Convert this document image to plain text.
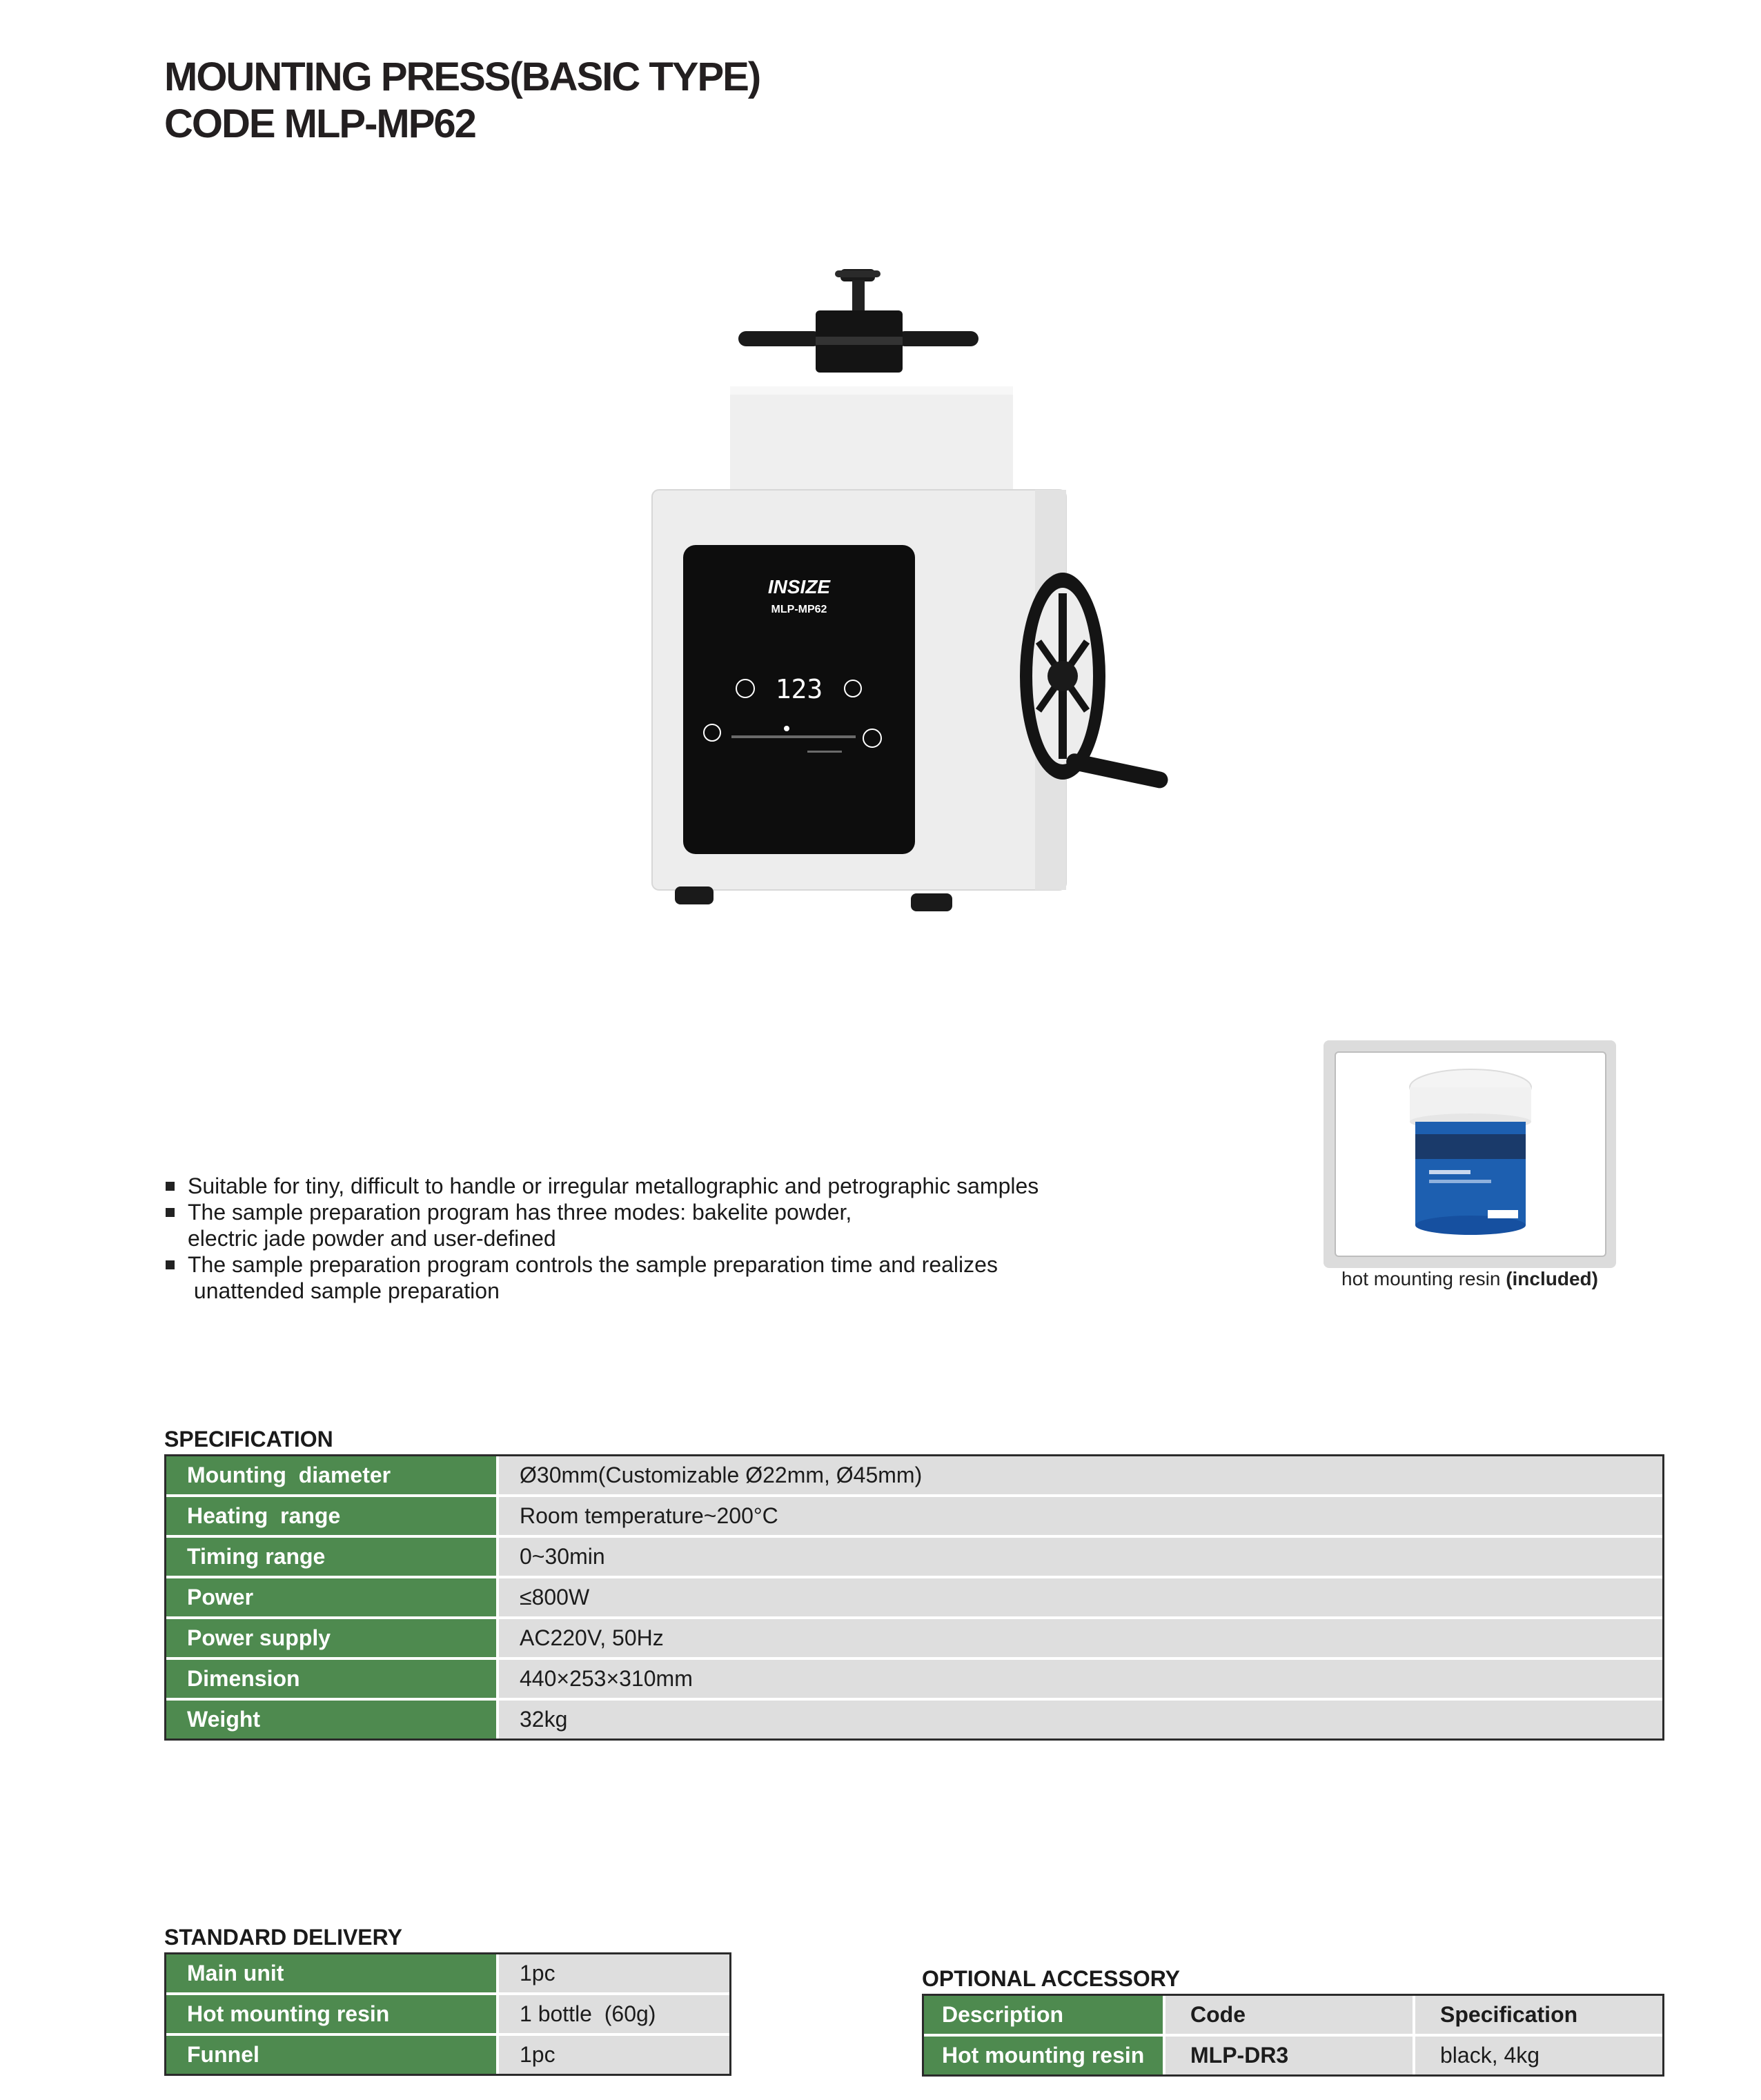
MOUNTING PRESS(BASIC TYPE)
CODE MLP-MP62
INSIZE
MLP-MP62
123
hot mounting resin (included)
Suitable for tiny, difficult to handle or irregular metallographic and petrographic samples
The sample preparation program has three modes: bakelite powder,
electric jade powder and user-defined
The sample preparation program controls the sample preparation time and realizes
unattended sample preparation
SPECIFICATION
Mounting  diameter	Ø30mm(Customizable Ø22mm, Ø45mm)
Heating  range	Room temperature~200°C
Timing range	0~30min
Power	≤800W
Power supply	AC220V, 50Hz
Dimension	440×253×310mm
Weight	32kg
STANDARD DELIVERY
Main unit	1pc
Hot mounting resin	1 bottle  (60g)
Funnel	1pc
OPTIONAL ACCESSORY
Description	Code	Specification
Hot mounting resin	MLP-DR3	black, 4kg
